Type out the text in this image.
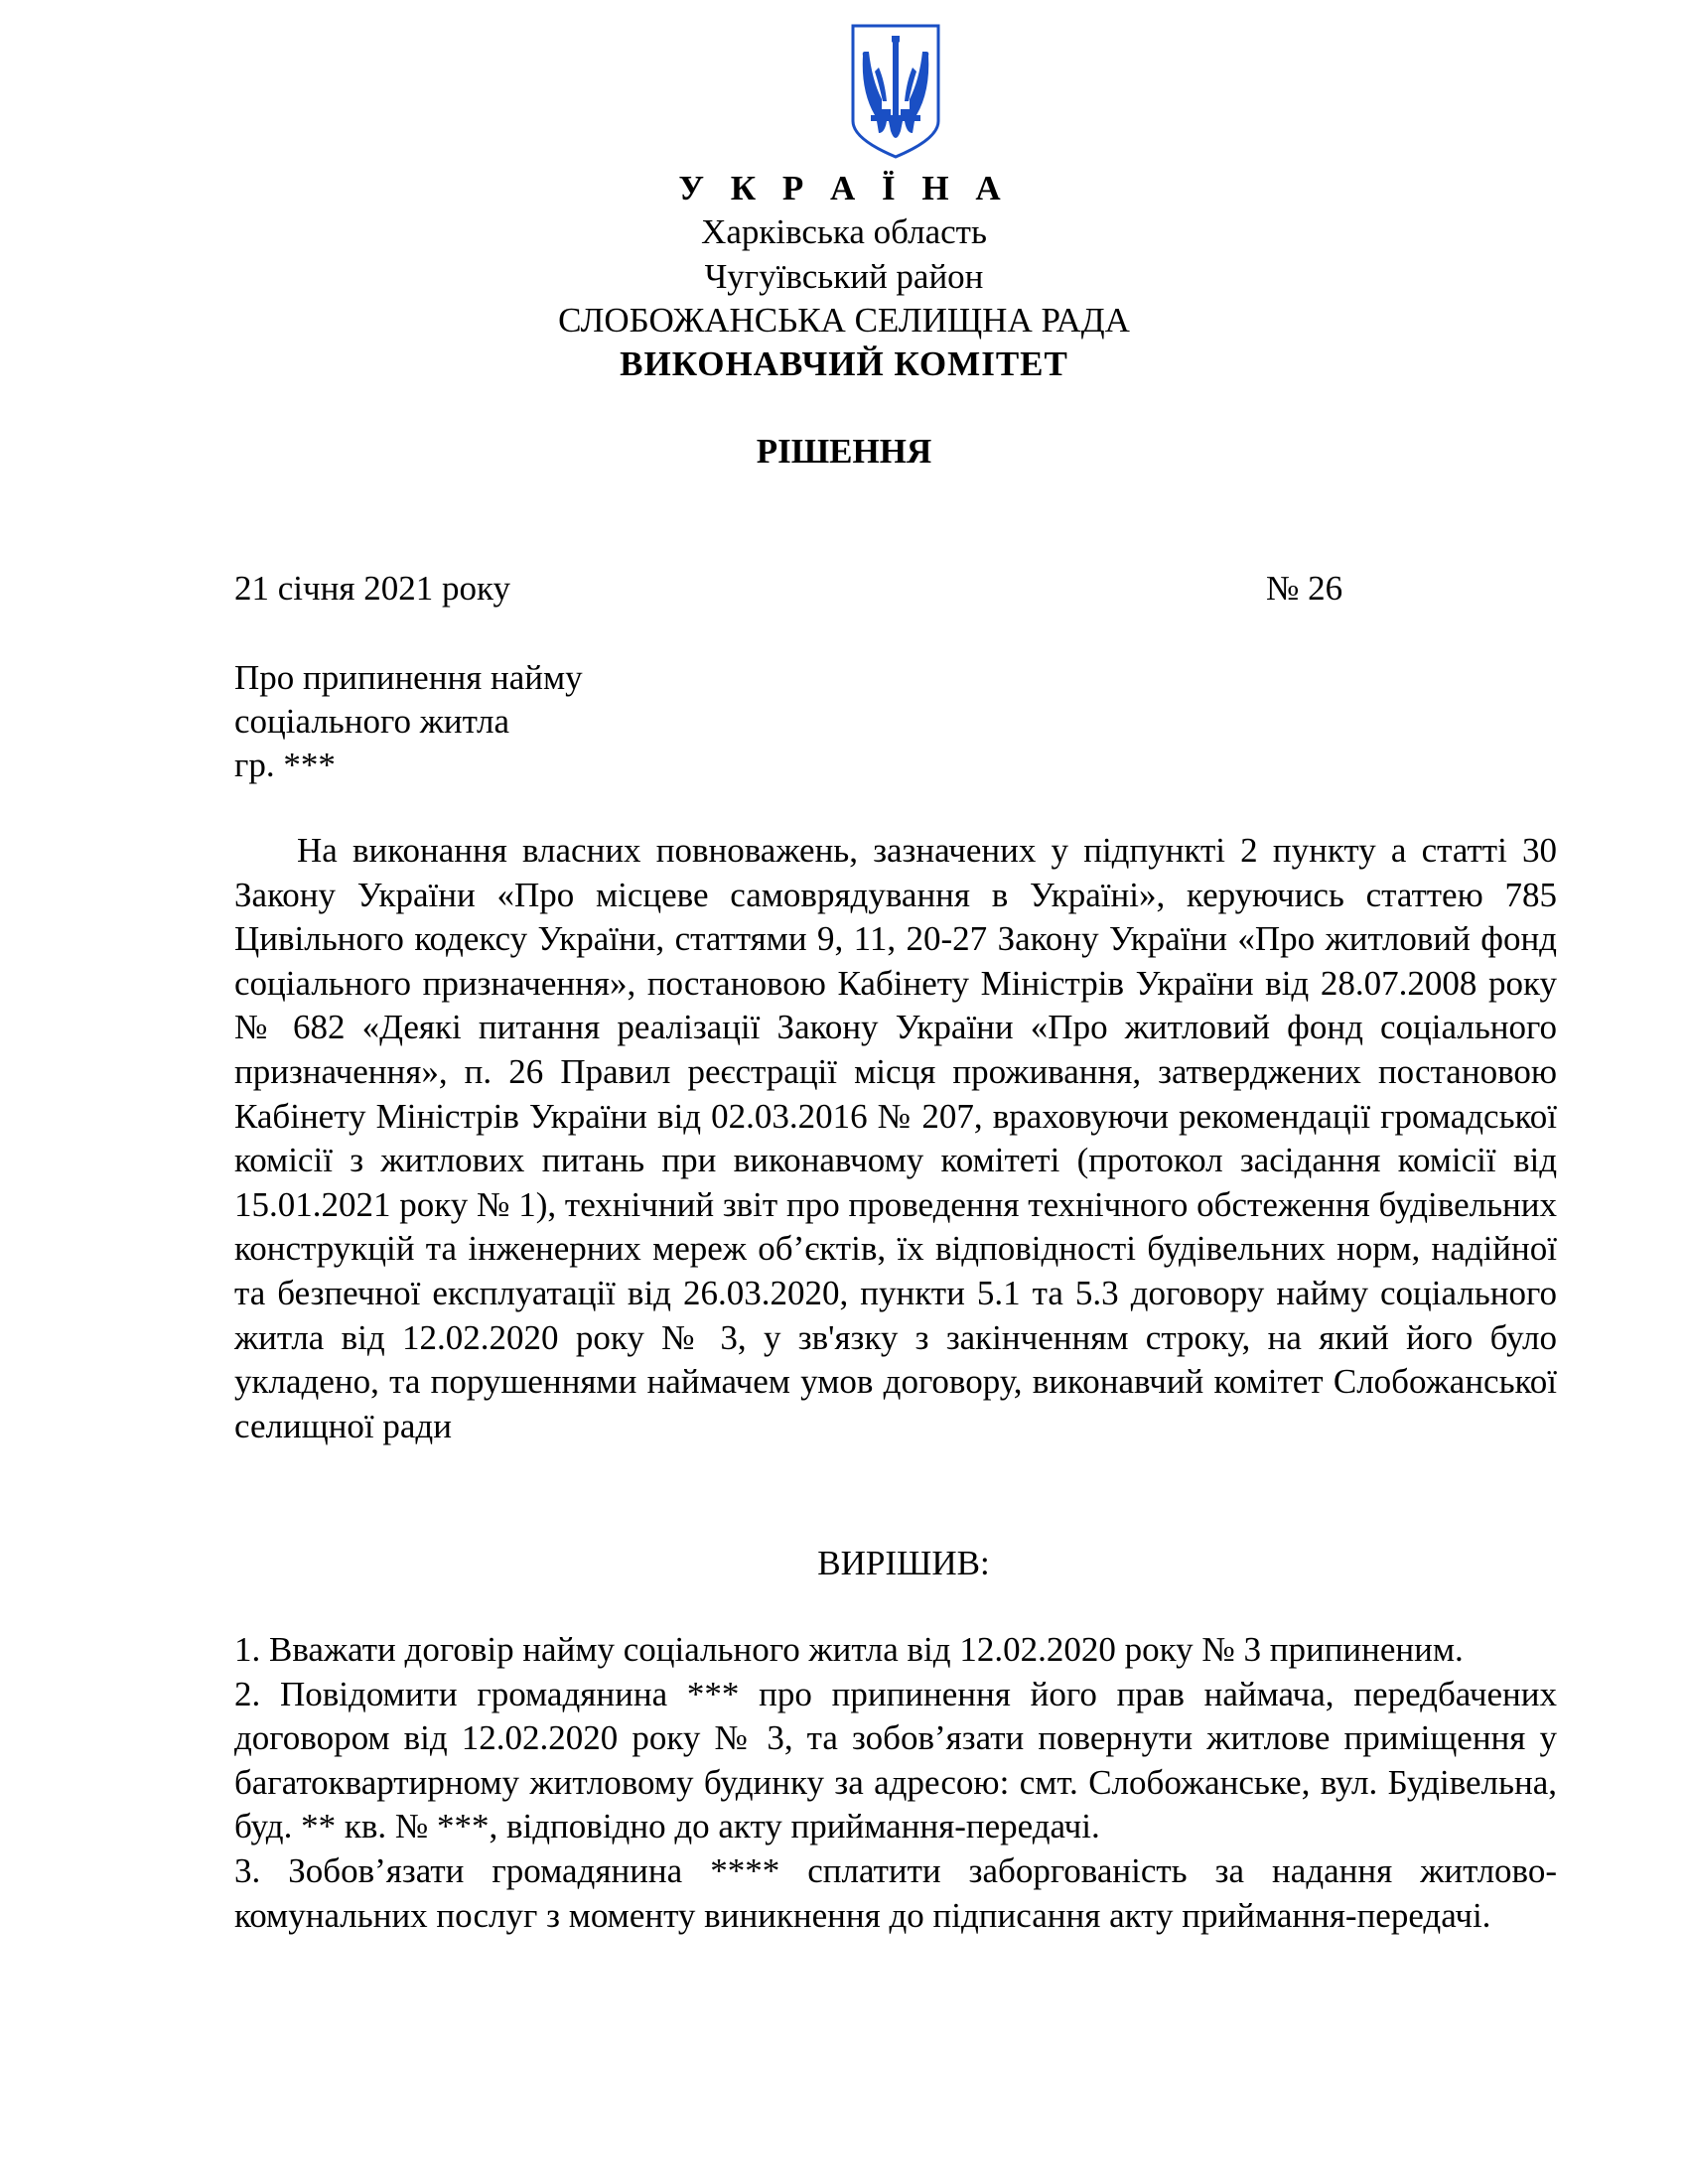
У К Р А Ї Н А
Харківська область
Чугуївський район
СЛОБОЖАНСЬКА СЕЛИЩНА РАДА
ВИКОНАВЧИЙ КОМІТЕТ
РІШЕННЯ
21 січня 2021 року	№ 26
Про припинення найму
соціального житла
гр. ***
На виконання власних повноважень, зазначених у підпункті 2 пункту а статті 30 Закону України «Про місцеве самоврядування в Україні», керуючись статтею 785 Цивільного кодексу України, статтями 9, 11, 20-27 Закону України «Про житловий фонд соціального призначення», постановою Кабінету Міністрів України від 28.07.2008 року № 682 «Деякі питання реалізації Закону України «Про житловий фонд соціального призначення», п. 26 Правил реєстрації місця проживання, затверджених постановою Кабінету Міністрів України від 02.03.2016 № 207, враховуючи рекомендації громадської комісії з житлових питань при виконавчому комітеті (протокол засідання комісії від 15.01.2021 року № 1), технічний звіт про проведення технічного обстеження будівельних конструкцій та інженерних мереж об’єктів, їх відповідності будівельних норм, надійної та безпечної експлуатації від 26.03.2020, пункти 5.1 та 5.3 договору найму соціального житла від 12.02.2020 року № 3, у зв'язку з закінченням строку, на який його було укладено, та порушеннями наймачем умов договору, виконавчий комітет Слобожанської селищної ради
ВИРІШИВ:

1. Вважати договір найму соціального житла від 12.02.2020 року № 3 припиненим.

2. Повідомити громадянина *** про припинення його прав наймача, передбачених договором від 12.02.2020 року № 3, та зобов’язати повернути житлове приміщення у багатоквартирному житловому будинку за адресою: смт. Слобожанське, вул. Будівельна, буд. ** кв. № ***, відповідно до акту приймання-передачі.

3. Зобов’язати громадянина **** сплатити заборгованість за надання житлово-комунальних послуг з моменту виникнення до підписання акту приймання-передачі.
